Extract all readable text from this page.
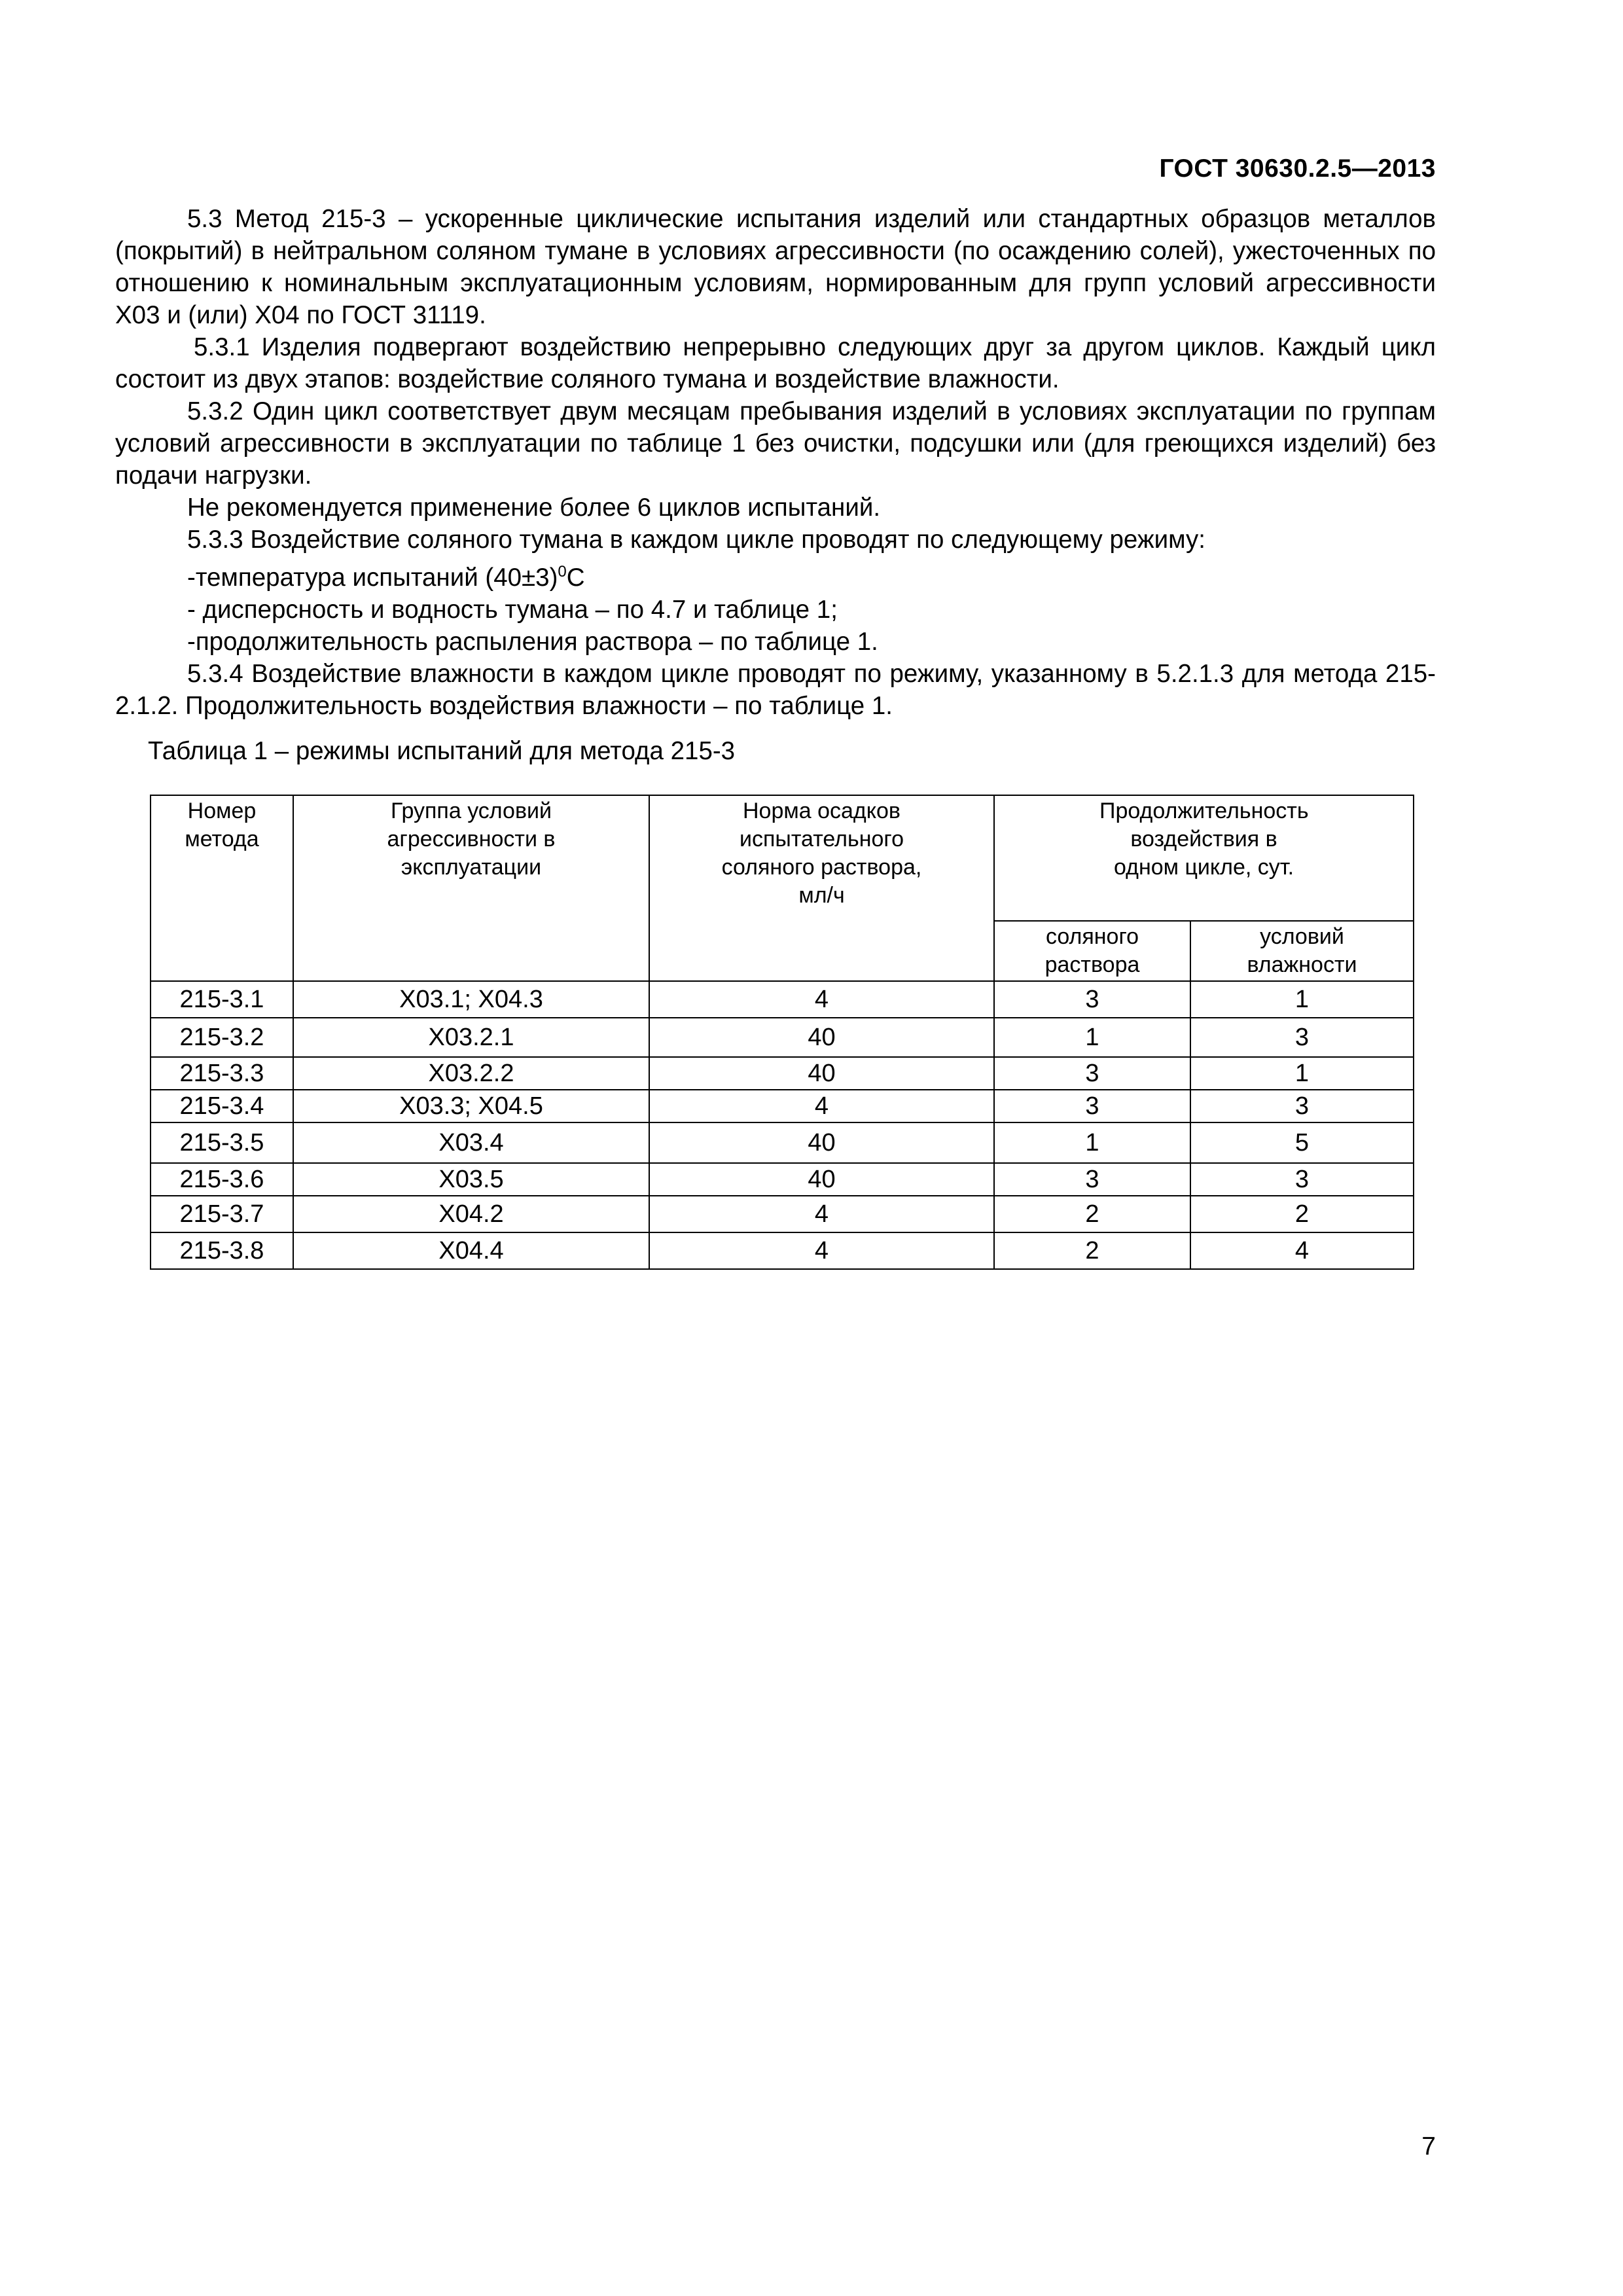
ГОСТ 30630.2.5—2013

5.3 Метод 215-3 – ускоренные циклические испытания изделий или стандартных образцов металлов (покрытий) в нейтральном соляном тумане в условиях агрессивности (по осаждению солей), ужесточенных по отношению к номинальным эксплуатационным условиям, нормированным для групп условий агрессивности Х03 и (или) Х04 по ГОСТ 31119.

5.3.1 Изделия подвергают воздействию непрерывно следующих друг за другом циклов. Каждый цикл состоит из двух этапов: воздействие соляного тумана и воздействие влажности.

5.3.2 Один цикл соответствует двум месяцам пребывания изделий в условиях эксплуатации по группам условий агрессивности в эксплуатации по таблице 1 без очистки, подсушки или (для греющихся изделий) без подачи нагрузки.

Не рекомендуется применение более 6 циклов испытаний.

5.3.3 Воздействие соляного тумана в каждом цикле проводят по следующему режиму:

-температура испытаний $(40\pm 3)^0С$

- дисперсность и водность тумана – по 4.7 и таблице 1;

-продолжительность распыления раствора – по таблице 1.

5.3.4 Воздействие влажности в каждом цикле проводят по режиму, указанному в 5.2.1.3 для метода 215-2.1.2. Продолжительность воздействия влажности – по таблице 1.

Таблица 1 – режимы испытаний для метода 215-3
Номер метода	Группа условий агрессивности в эксплуатации	Норма осадков испытательного соляного раствора, мл/ч	Продолжительность воздействия в одном цикле, сут.	

			соляного раствора	условий влажности

215-3.1	Х03.1; Х04.3	4	3	1
215-3.2	Х03.2.1	40	1	3
215-3.3	Х03.2.2	40	3	1
215-3.4	Х03.3; Х04.5	4	3	3
215-3.5	Х03.4	40	1	5
215-3.6	Х03.5	40	3	3
215-3.7	Х04.2	4	2	2
215-3.8	Х04.4	4	2	4
7
